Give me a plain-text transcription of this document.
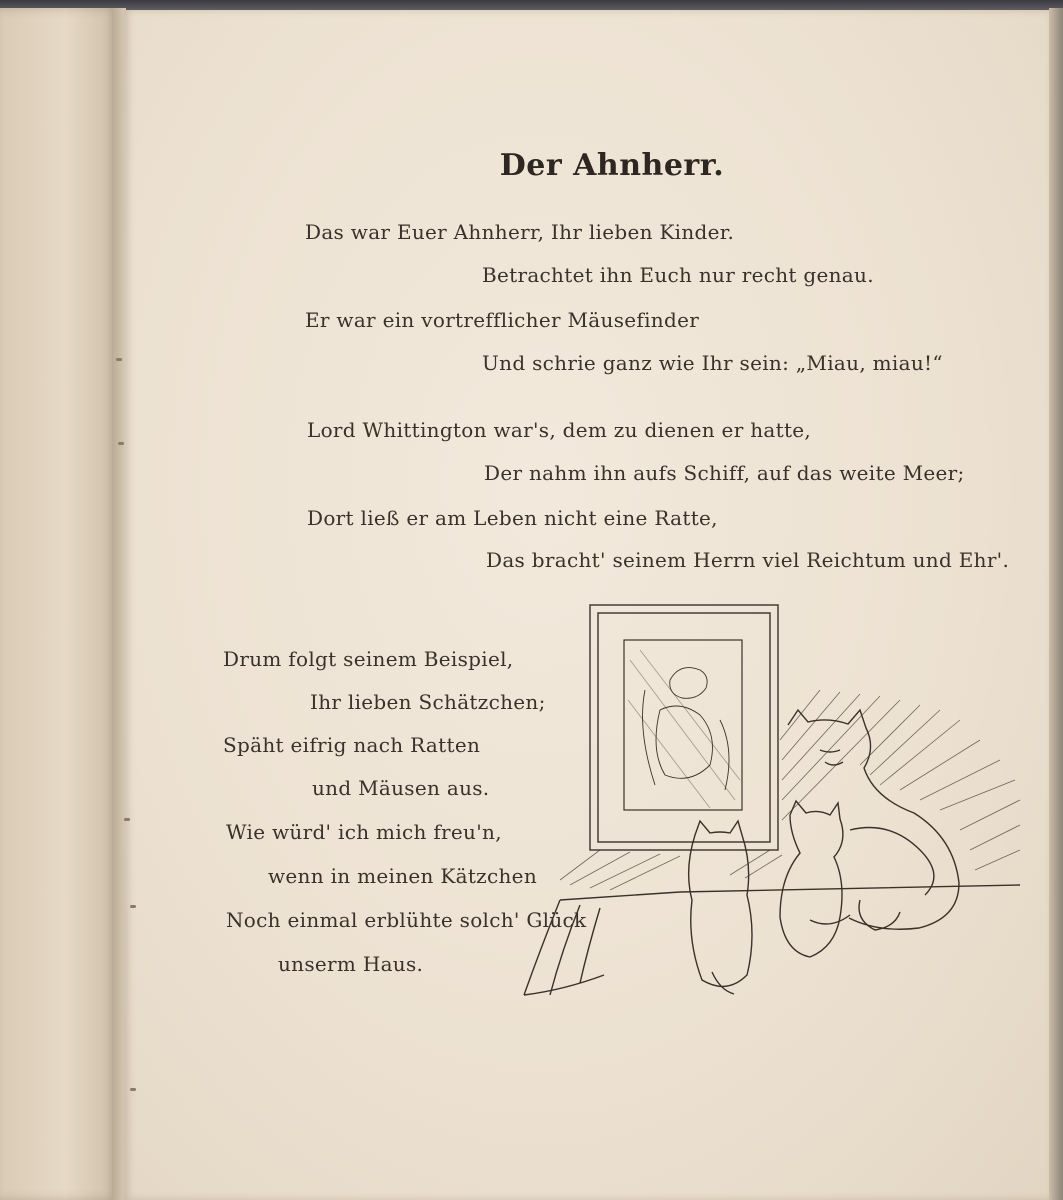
Der Ahnherr.
Das war Euer Ahnherr, Ihr lieben Kinder.
Betrachtet ihn Euch nur recht genau.
Er war ein vortrefflicher Mäusefinder
Und schrie ganz wie Ihr sein: „Miau, miau!“
Lord Whittington war's, dem zu dienen er hatte,
Der nahm ihn aufs Schiff, auf das weite Meer;
Dort ließ er am Leben nicht eine Ratte,
Das bracht' seinem Herrn viel Reichtum und Ehr'.
Drum folgt seinem Beispiel,
Ihr lieben Schätzchen;
Späht eifrig nach Ratten
und Mäusen aus.
Wie würd' ich mich freu'n,
wenn in meinen Kätzchen
Noch einmal erblühte solch' Glück
unserm Haus.
